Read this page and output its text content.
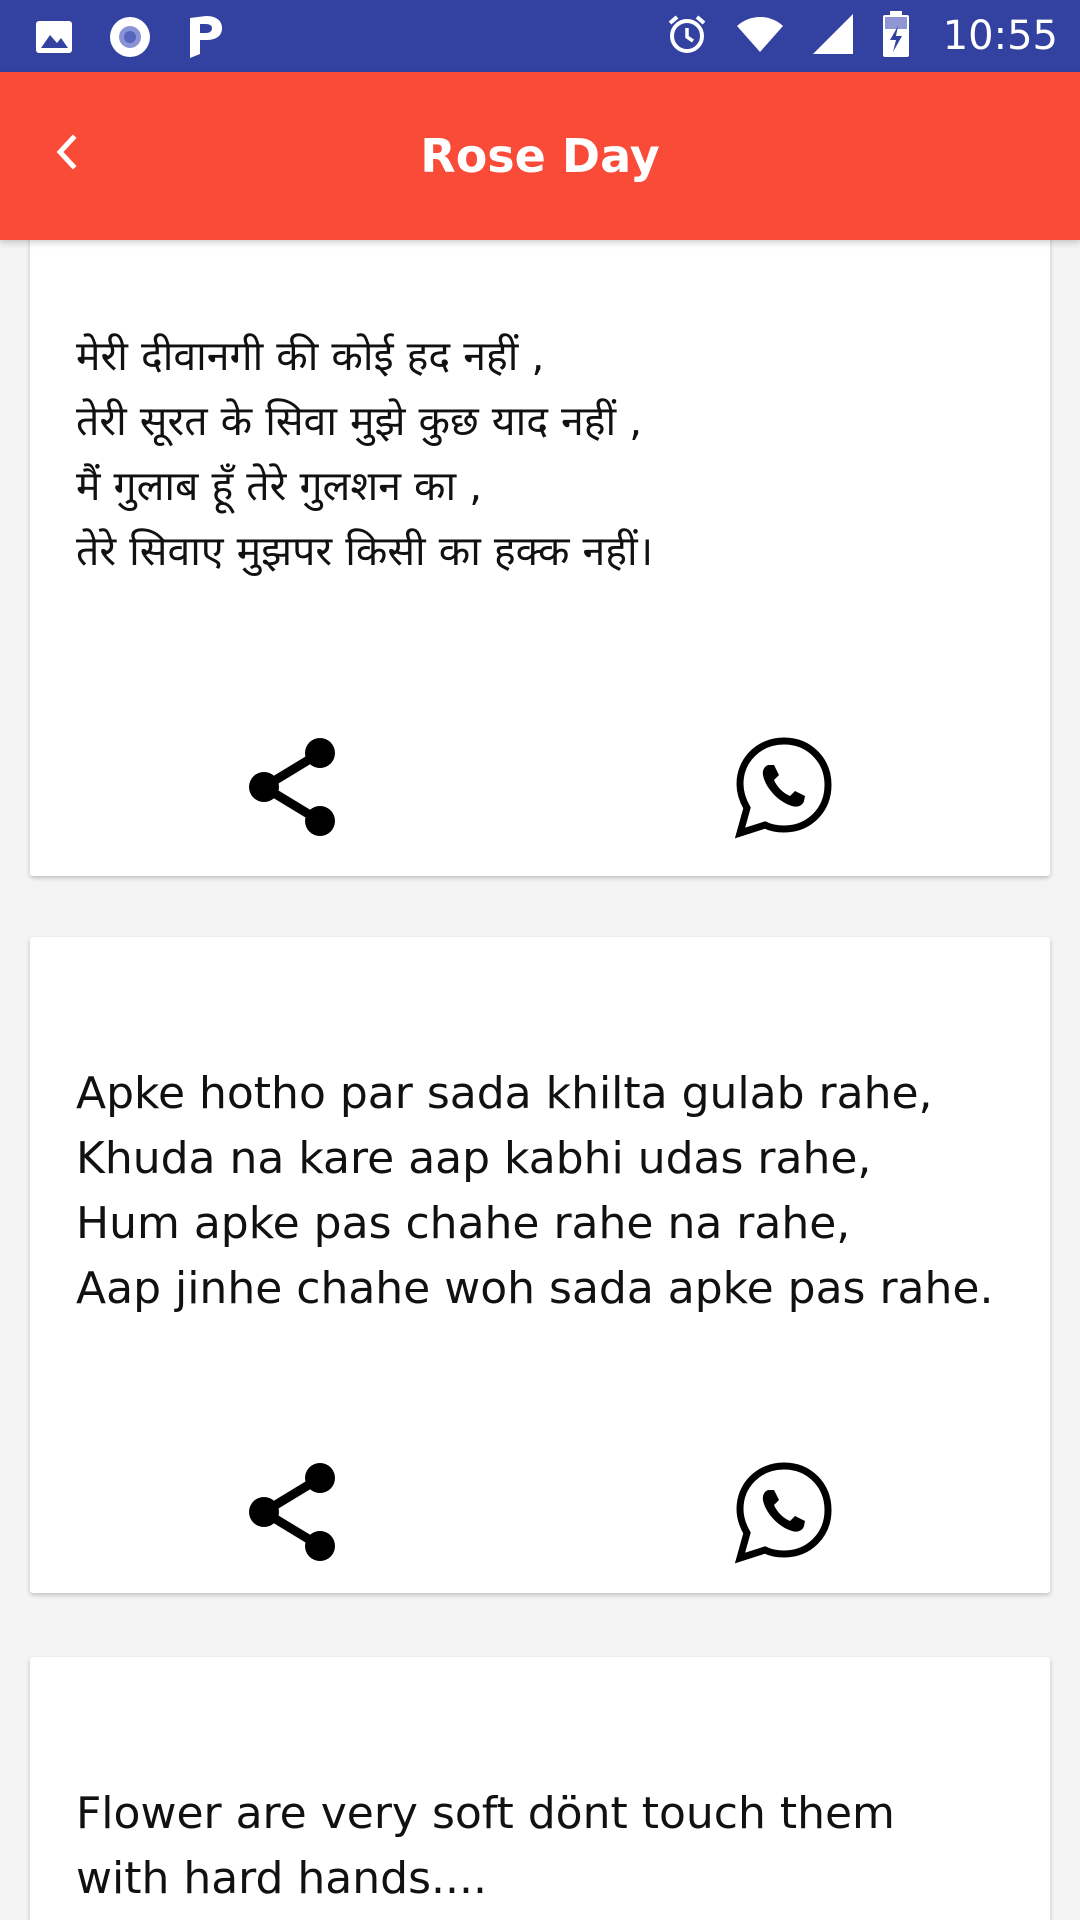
10:55
Rose Day
मेरी दीवानगी की कोई हद नहीं ,
तेरी सूरत के सिवा मुझे कुछ याद नहीं ,
मैं गुलाब हूँ तेरे गुलशन का ,
तेरे सिवाए मुझपर किसी का हक्क नहीं।
Apke hotho par sada khilta gulab rahe,
Khuda na kare aap kabhi udas rahe,
Hum apke pas chahe rahe na rahe,
Aap jinhe chahe woh sada apke pas rahe.
Flower are very soft dönt touch them
with hard hands....
